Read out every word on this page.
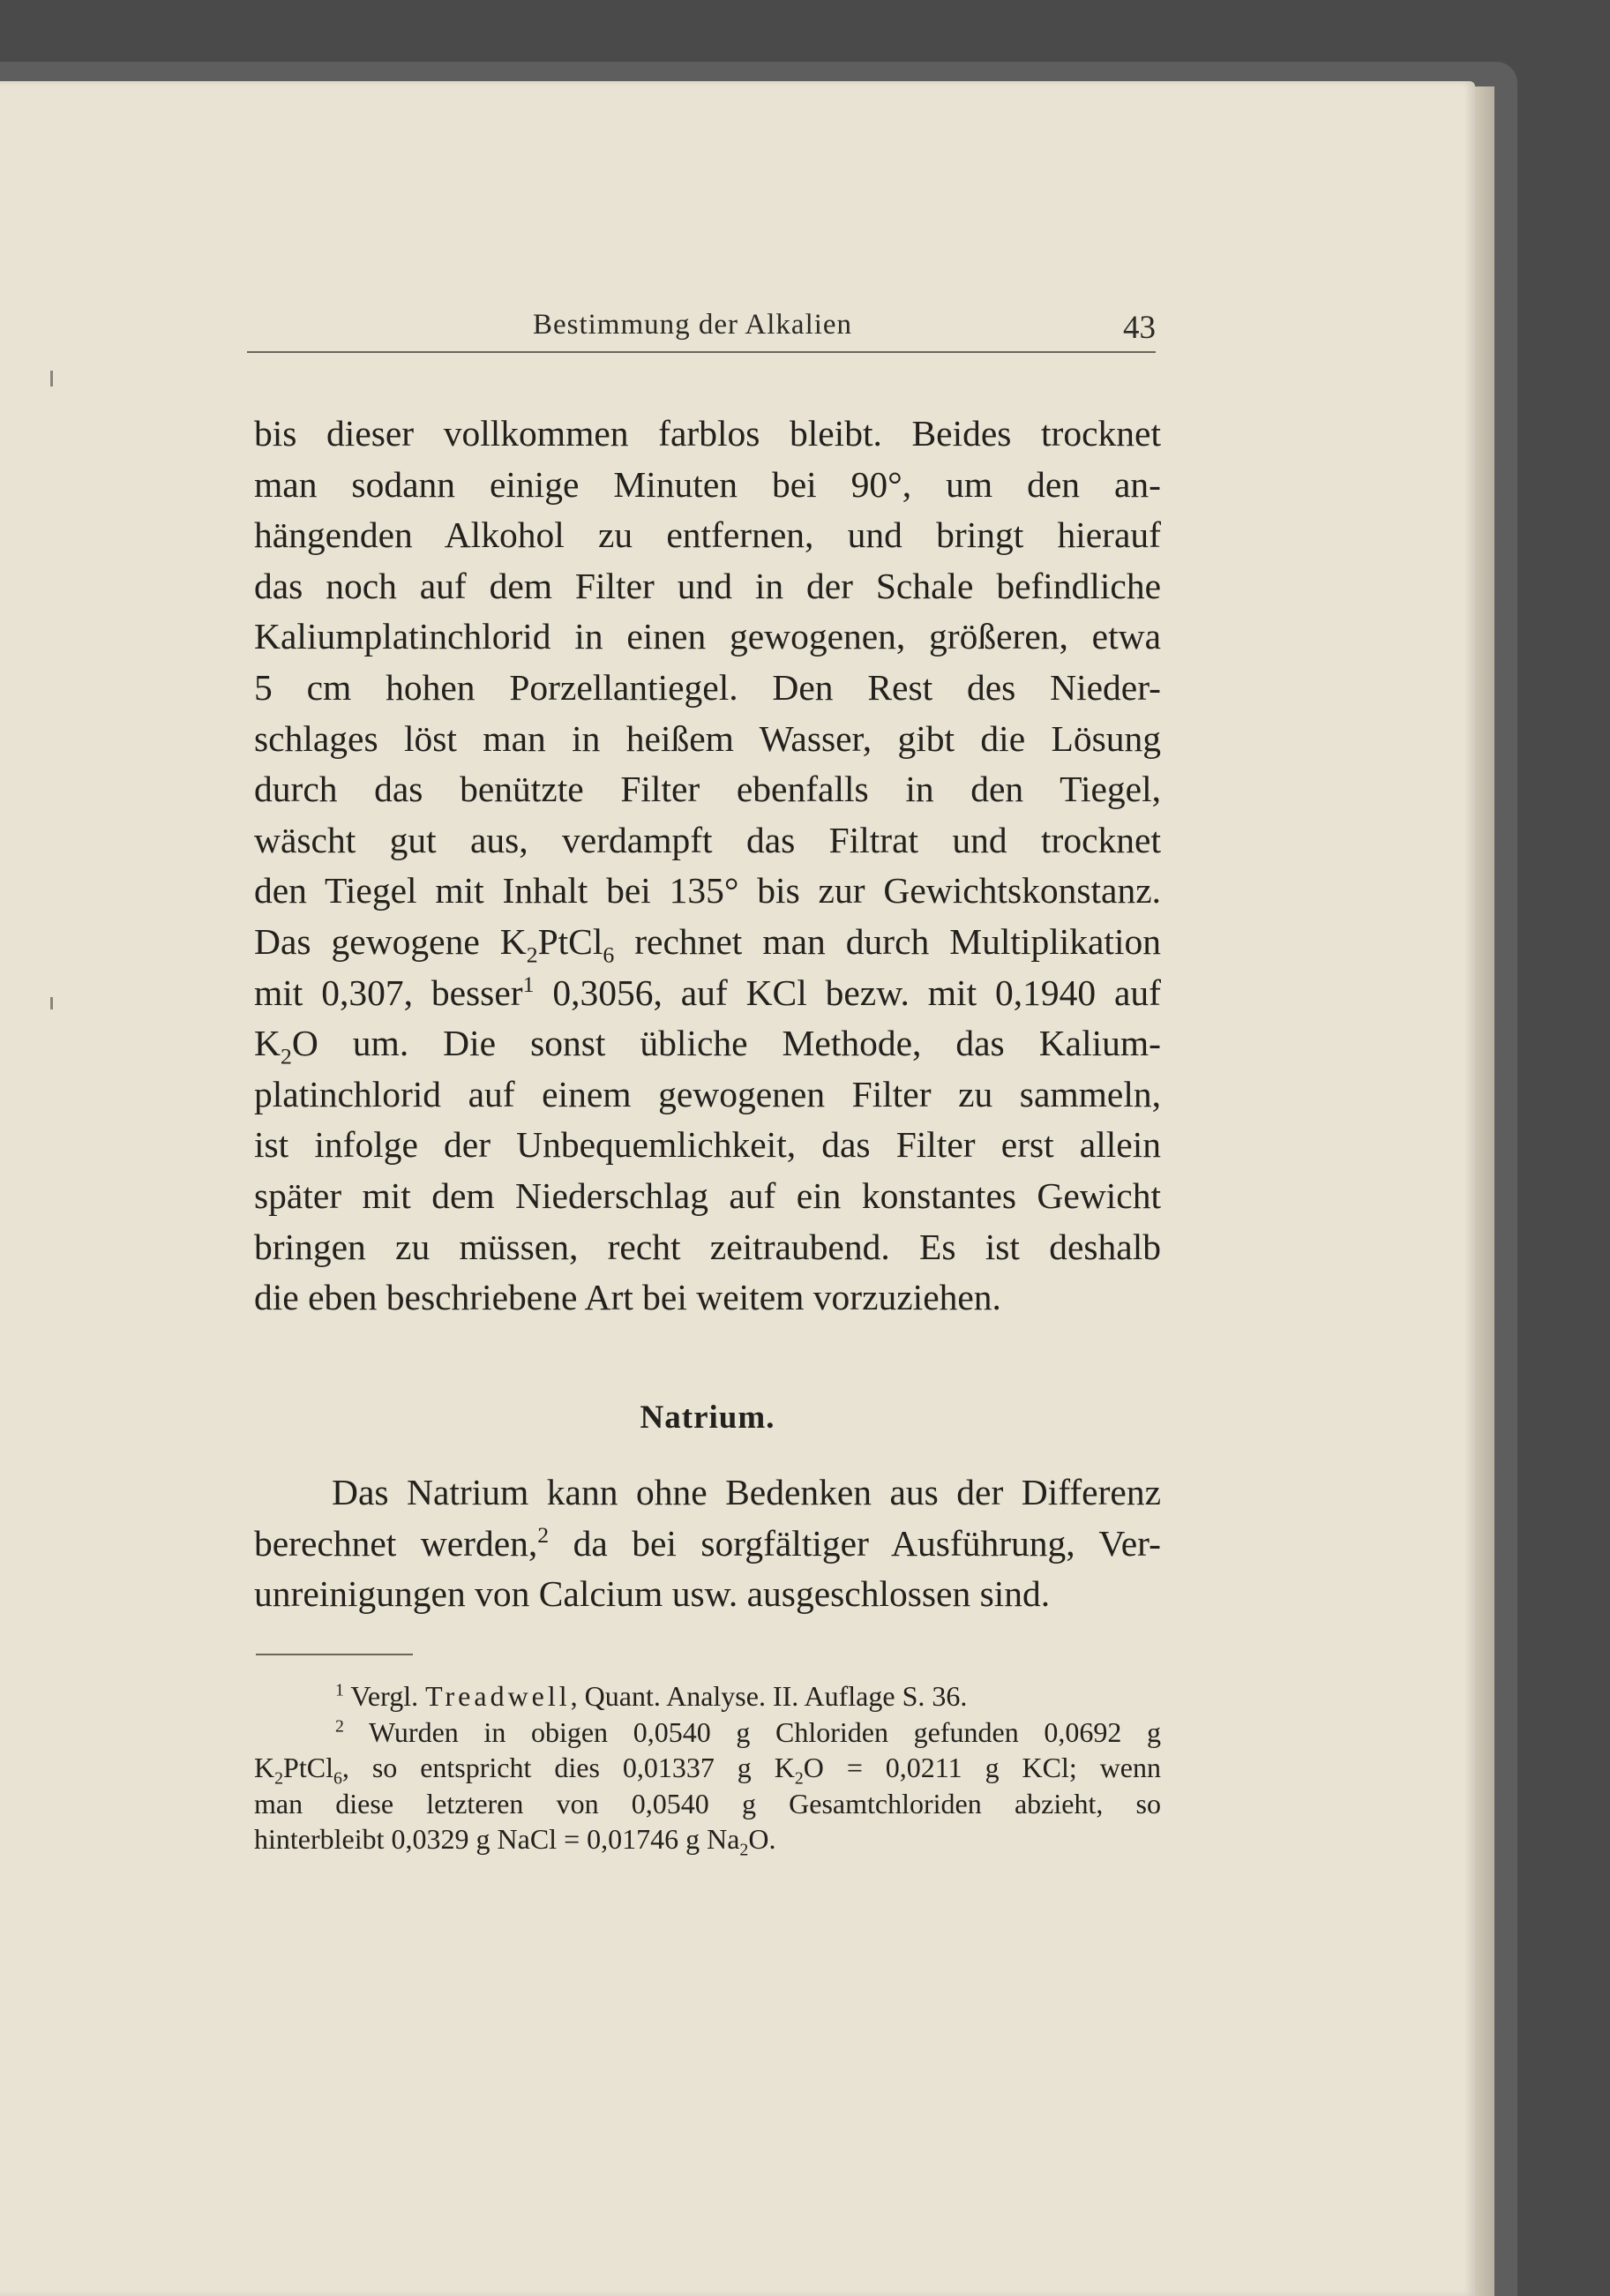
Bestimmung der Alkalien	43
bis dieser vollkommen farblos bleibt. Beides trocknet
man sodann einige Minuten bei 90°, um den an-
hängenden Alkohol zu entfernen, und bringt hierauf
das noch auf dem Filter und in der Schale befindliche
Kaliumplatinchlorid in einen gewogenen, größeren, etwa
5 cm hohen Porzellantiegel. Den Rest des Nieder-
schlages löst man in heißem Wasser, gibt die Lösung
durch das benützte Filter ebenfalls in den Tiegel,
wäscht gut aus, verdampft das Filtrat und trocknet
den Tiegel mit Inhalt bei 135° bis zur Gewichtskonstanz.
Das gewogene $K_2PtCl_6$ rechnet man durch Multiplikation
mit 0,307, besser$^1$ 0,3056, auf KCl bezw. mit 0,1940 auf
$K_2O$ um. Die sonst übliche Methode, das Kalium-
platinchlorid auf einem gewogenen Filter zu sammeln,
ist infolge der Unbequemlichkeit, das Filter erst allein
später mit dem Niederschlag auf ein konstantes Gewicht
bringen zu müssen, recht zeitraubend. Es ist deshalb
die eben beschriebene Art bei weitem vorzuziehen.
Natrium.
Das Natrium kann ohne Bedenken aus der Differenz
berechnet werden,$^2$ da bei sorgfältiger Ausführung, Ver-
unreinigungen von Calcium usw. ausgeschlossen sind.
$^1$ Vergl. Treadwell, Quant. Analyse. II. Auflage S. 36.
$^2$ Wurden in obigen 0,0540 g Chloriden gefunden 0,0692 g
$K_2PtCl_6$, so entspricht dies 0,01337 g $K_2O = 0,0211$ g KCl; wenn
man diese letzteren von 0,0540 g Gesamtchloriden abzieht, so
hinterbleibt 0,0329 g NaCl = 0,01746 g $Na_2O$.
